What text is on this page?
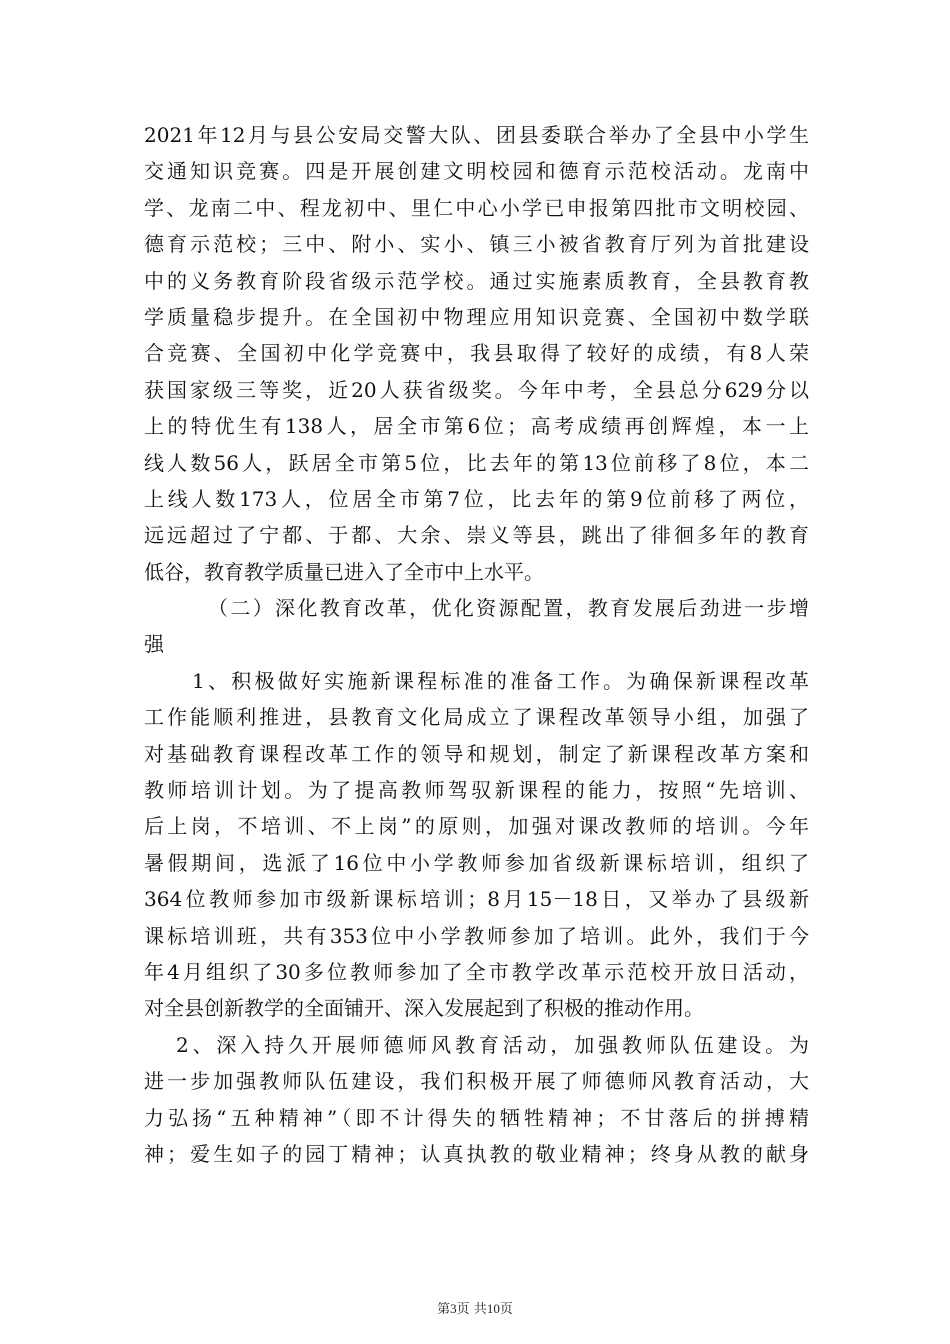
2021年12月与县公安局交警大队、团县委联合举办了全县中小学生
交通知识竞赛。四是开展创建文明校园和德育示范校活动。龙南中
学、龙南二中、程龙初中、里仁中心小学已申报第四批市文明校园、
德育示范校；三中、附小、实小、镇三小被省教育厅列为首批建设
中的义务教育阶段省级示范学校。通过实施素质教育，全县教育教
学质量稳步提升。在全国初中物理应用知识竞赛、全国初中数学联
合竞赛、全国初中化学竞赛中，我县取得了较好的成绩，有8人荣
获国家级三等奖，近20人获省级奖。今年中考，全县总分629分以
上的特优生有138人，居全市第6位；高考成绩再创辉煌，本一上
线人数56人，跃居全市第5位，比去年的第13位前移了8位，本二
上线人数173人，位居全市第7位，比去年的第9位前移了两位，
远远超过了宁都、于都、大余、崇义等县，跳出了徘徊多年的教育
低谷，教育教学质量已进入了全市中上水平。
（二）深化教育改革，优化资源配置，教育发展后劲进一步增
强
1、积极做好实施新课程标准的准备工作。为确保新课程改革
工作能顺利推进，县教育文化局成立了课程改革领导小组，加强了
对基础教育课程改革工作的领导和规划，制定了新课程改革方案和
教师培训计划。为了提高教师驾驭新课程的能力，按照“先培训、
后上岗，不培训、不上岗”的原则，加强对课改教师的培训。今年
暑假期间，选派了16位中小学教师参加省级新课标培训，组织了
364位教师参加市级新课标培训；8月15－18日，又举办了县级新
课标培训班，共有353位中小学教师参加了培训。此外，我们于今
年4月组织了30多位教师参加了全市教学改革示范校开放日活动，
对全县创新教学的全面铺开、深入发展起到了积极的推动作用。
2、深入持久开展师德师风教育活动，加强教师队伍建设。为
进一步加强教师队伍建设，我们积极开展了师德师风教育活动，大
力弘扬“五种精神”（即不计得失的牺牲精神；不甘落后的拼搏精
神；爱生如子的园丁精神；认真执教的敬业精神；终身从教的献身
第3页 共10页
